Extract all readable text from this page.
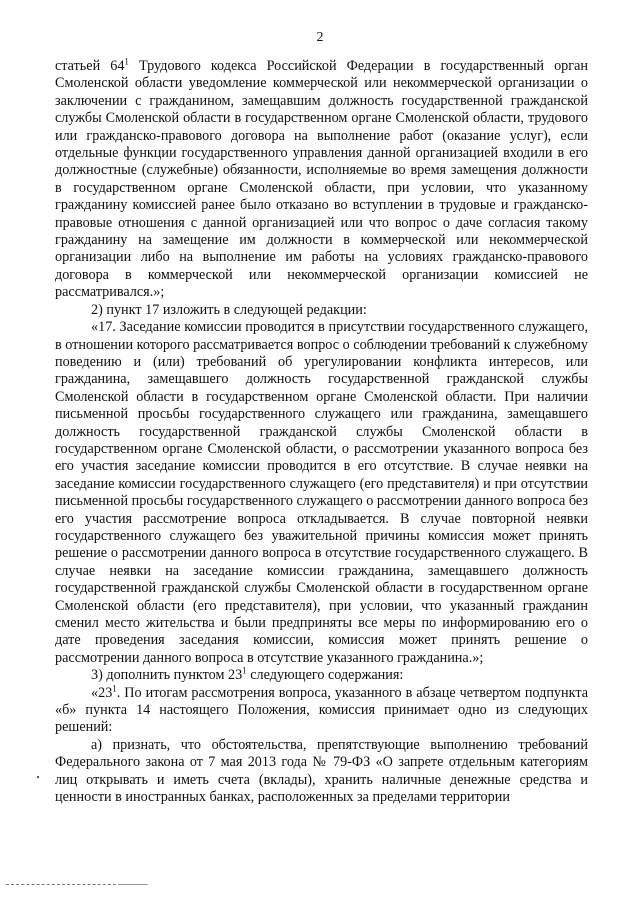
2

статьей $64^1$ Трудового кодекса Российской Федерации в государственный орган Смоленской области уведомление коммерческой или некоммерческой организации о заключении с гражданином, замещавшим должность государственной гражданской службы Смоленской области в государственном органе Смоленской области, трудового или гражданско-правового договора на выполнение работ (оказание услуг), если отдельные функции государственного управления данной организацией входили в его должностные (служебные) обязанности, исполняемые во время замещения должности в государственном органе Смоленской области, при условии, что указанному гражданину комиссией ранее было отказано во вступлении в трудовые и гражданско-правовые отношения с данной организацией или что вопрос о даче согласия такому гражданину на замещение им должности в коммерческой или некоммерческой организации либо на выполнение им работы на условиях гражданско-правового договора в коммерческой или некоммерческой организации комиссией не рассматривался.»;

2) пункт 17 изложить в следующей редакции:

«17. Заседание комиссии проводится в присутствии государственного служащего, в отношении которого рассматривается вопрос о соблюдении требований к служебному поведению и (или) требований об урегулировании конфликта интересов, или гражданина, замещавшего должность государственной гражданской службы Смоленской области в государственном органе Смоленской области. При наличии письменной просьбы государственного служащего или гражданина, замещавшего должность государственной гражданской службы Смоленской области в государственном органе Смоленской области, о рассмотрении указанного вопроса без его участия заседание комиссии проводится в его отсутствие. В случае неявки на заседание комиссии государственного служащего (его представителя) и при отсутствии письменной просьбы государственного служащего о рассмотрении данного вопроса без его участия рассмотрение вопроса откладывается. В случае повторной неявки государственного служащего без уважительной причины комиссия может принять решение о рассмотрении данного вопроса в отсутствие государственного служащего. В случае неявки на заседание комиссии гражданина, замещавшего должность государственной гражданской службы Смоленской области в государственном органе Смоленской области (его представителя), при условии, что указанный гражданин сменил место жительства и были предприняты все меры по информированию его о дате проведения заседания комиссии, комиссия может принять решение о рассмотрении данного вопроса в отсутствие указанного гражданина.»;

3) дополнить пунктом $23^1$ следующего содержания:

«$23^1$. По итогам рассмотрения вопроса, указанного в абзаце четвертом подпункта «б» пункта 14 настоящего Положения, комиссия принимает одно из следующих решений:

а) признать, что обстоятельства, препятствующие выполнению требований Федерального закона от 7 мая 2013 года № 79-ФЗ «О запрете отдельным категориям лиц открывать и иметь счета (вклады), хранить наличные денежные средства и ценности в иностранных банках, расположенных за пределами территории
